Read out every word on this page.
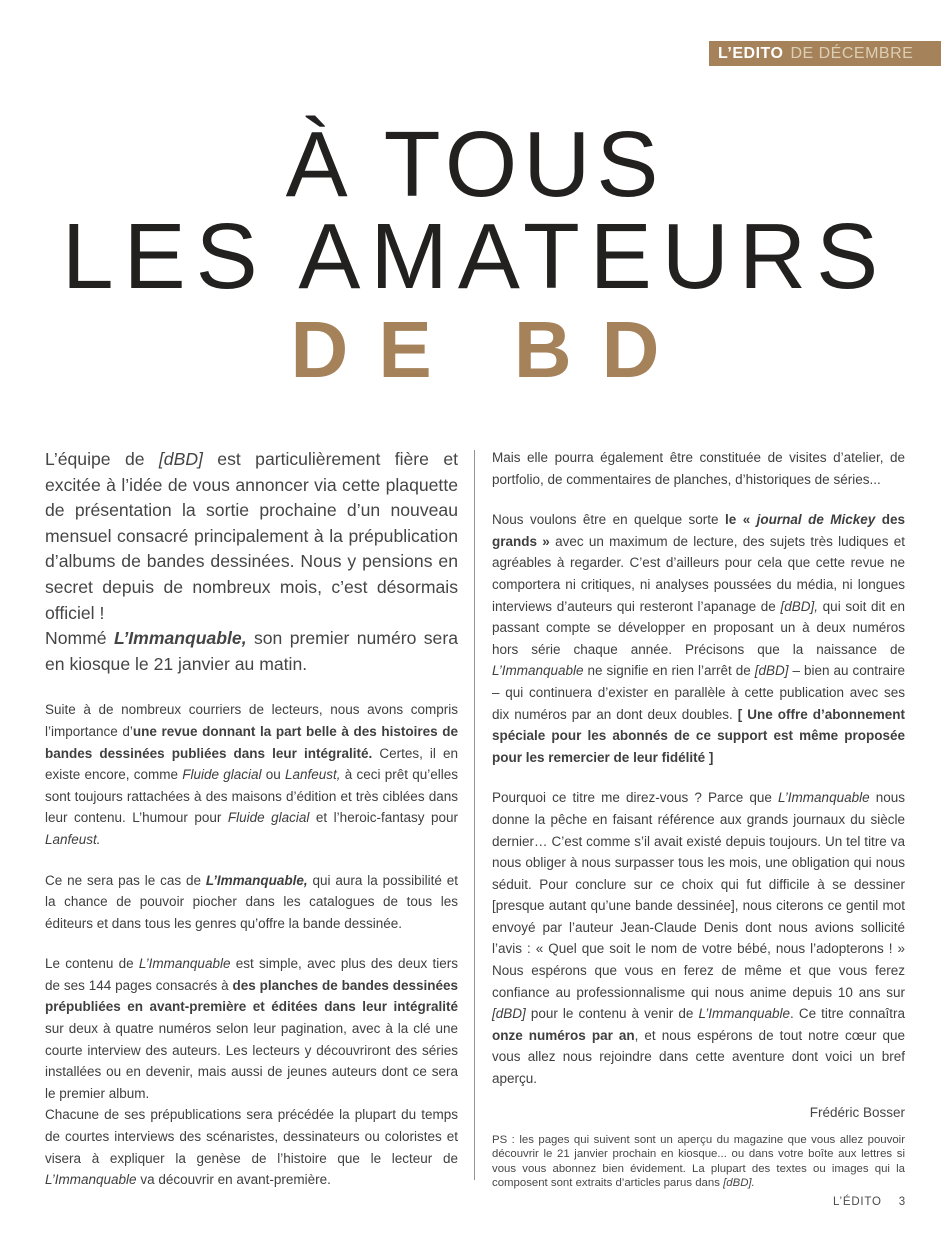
L’EDITO DE DÉCEMBRE
À TOUS
LES AMATEURS
DE BD

L’équipe de [dBD] est particulièrement fière et excitée à l’idée de vous annoncer via cette plaquette de présentation la sortie prochaine d’un nouveau mensuel consacré principalement à la prépublication d’albums de bandes dessinées. Nous y pensions en secret depuis de nombreux mois, c’est désormais officiel !

Nommé L’Immanquable, son premier numéro sera en kiosque le 21 janvier au matin.

Suite à de nombreux courriers de lecteurs, nous avons compris l’importance d’une revue donnant la part belle à des histoires de bandes dessinées publiées dans leur intégralité. Certes, il en existe encore, comme Fluide glacial ou Lanfeust, à ceci prêt qu’elles sont toujours rattachées à des maisons d’édition et très ciblées dans leur contenu. L’humour pour Fluide glacial et l’heroic-fantasy pour Lanfeust.

Ce ne sera pas le cas de L’Immanquable, qui aura la possibilité et la chance de pouvoir piocher dans les catalogues de tous les éditeurs et dans tous les genres qu’offre la bande dessinée.

Le contenu de L’Immanquable est simple, avec plus des deux tiers de ses 144 pages consacrés à des planches de bandes dessinées prépubliées en avant-première et éditées dans leur intégralité sur deux à quatre numéros selon leur pagination, avec à la clé une courte interview des auteurs. Les lecteurs y découvriront des séries installées ou en devenir, mais aussi de jeunes auteurs dont ce sera le premier album.

Chacune de ses prépublications sera précédée la plupart du temps de courtes interviews des scénaristes, dessinateurs ou coloristes et visera à expliquer la genèse de l’histoire que le lecteur de L’Immanquable va découvrir en avant-première.

Mais elle pourra également être constituée de visites d’atelier, de portfolio, de commentaires de planches, d’historiques de séries...

Nous voulons être en quelque sorte le « journal de Mickey des grands » avec un maximum de lecture, des sujets très ludiques et agréables à regarder. C’est d’ailleurs pour cela que cette revue ne comportera ni critiques, ni analyses poussées du média, ni longues interviews d’auteurs qui resteront l’apanage de [dBD], qui soit dit en passant compte se développer en proposant un à deux numéros hors série chaque année. Précisons que la naissance de L’Immanquable ne signifie en rien l’arrêt de [dBD] – bien au contraire – qui continuera d’exister en parallèle à cette publication avec ses dix numéros par an dont deux doubles. [ Une offre d’abonnement spéciale pour les abonnés de ce support est même proposée pour les remercier de leur fidélité ]

Pourquoi ce titre me direz-vous ? Parce que L’Immanquable nous donne la pêche en faisant référence aux grands journaux du siècle dernier… C’est comme s’il avait existé depuis toujours. Un tel titre va nous obliger à nous surpasser tous les mois, une obligation qui nous séduit. Pour conclure sur ce choix qui fut difficile à se dessiner [presque autant qu’une bande dessinée], nous citerons ce gentil mot envoyé par l’auteur Jean-Claude Denis dont nous avions sollicité l’avis : « Quel que soit le nom de votre bébé, nous l’adopterons ! » Nous espérons que vous en ferez de même et que vous ferez confiance au professionnalisme qui nous anime depuis 10 ans sur [dBD] pour le contenu à venir de L’Immanquable. Ce titre connaîtra onze numéros par an, et nous espérons de tout notre cœur que vous allez nous rejoindre dans cette aventure dont voici un bref aperçu.

Frédéric Bosser

PS : les pages qui suivent sont un aperçu du magazine que vous allez pouvoir découvrir le 21 janvier prochain en kiosque... ou dans votre boîte aux lettres si vous vous abonnez bien évidement. La plupart des textes ou images qui la composent sont extraits d’articles parus dans [dBD].

L’ÉDITO 3
